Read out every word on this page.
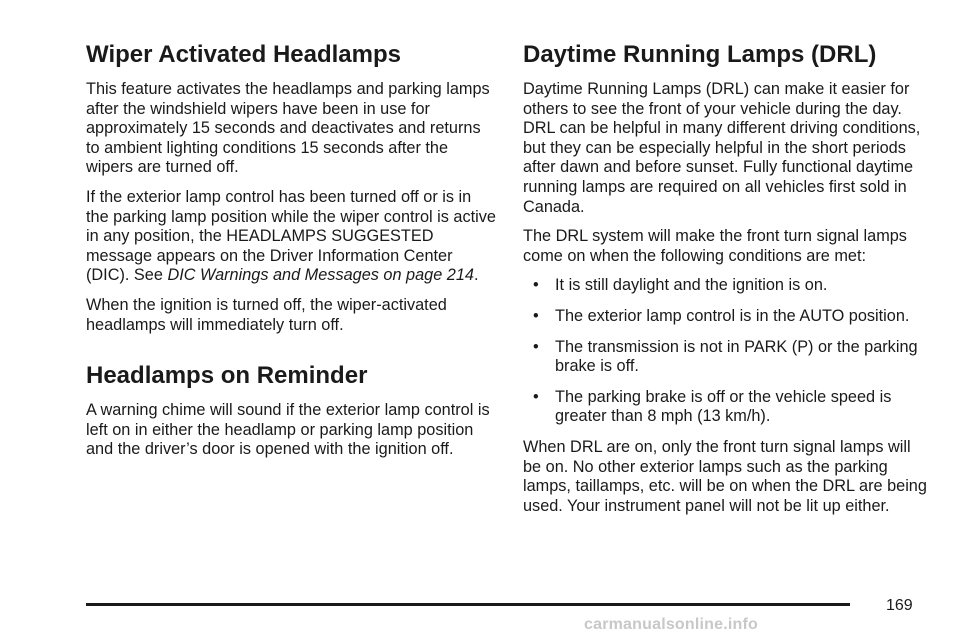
Wiper Activated Headlamps

This feature activates the headlamps and parking lamps after the windshield wipers have been in use for approximately 15 seconds and deactivates and returns to ambient lighting conditions 15 seconds after the wipers are turned off.

If the exterior lamp control has been turned off or is in the parking lamp position while the wiper control is active in any position, the HEADLAMPS SUGGESTED message appears on the Driver Information Center (DIC). See DIC Warnings and Messages on page 214.

When the ignition is turned off, the wiper-activated headlamps will immediately turn off.

Headlamps on Reminder

A warning chime will sound if the exterior lamp control is left on in either the headlamp or parking lamp position and the driver’s door is opened with the ignition off.

Daytime Running Lamps (DRL)

Daytime Running Lamps (DRL) can make it easier for others to see the front of your vehicle during the day. DRL can be helpful in many different driving conditions, but they can be especially helpful in the short periods after dawn and before sunset. Fully functional daytime running lamps are required on all vehicles first sold in Canada.

The DRL system will make the front turn signal lamps come on when the following conditions are met:

• It is still daylight and the ignition is on.
• The exterior lamp control is in the AUTO position.
• The transmission is not in PARK (P) or the parking brake is off.
• The parking brake is off or the vehicle speed is greater than 8 mph (13 km/h).

When DRL are on, only the front turn signal lamps will be on. No other exterior lamps such as the parking lamps, taillamps, etc. will be on when the DRL are being used. Your instrument panel will not be lit up either.

169
carmanualsonline.info
